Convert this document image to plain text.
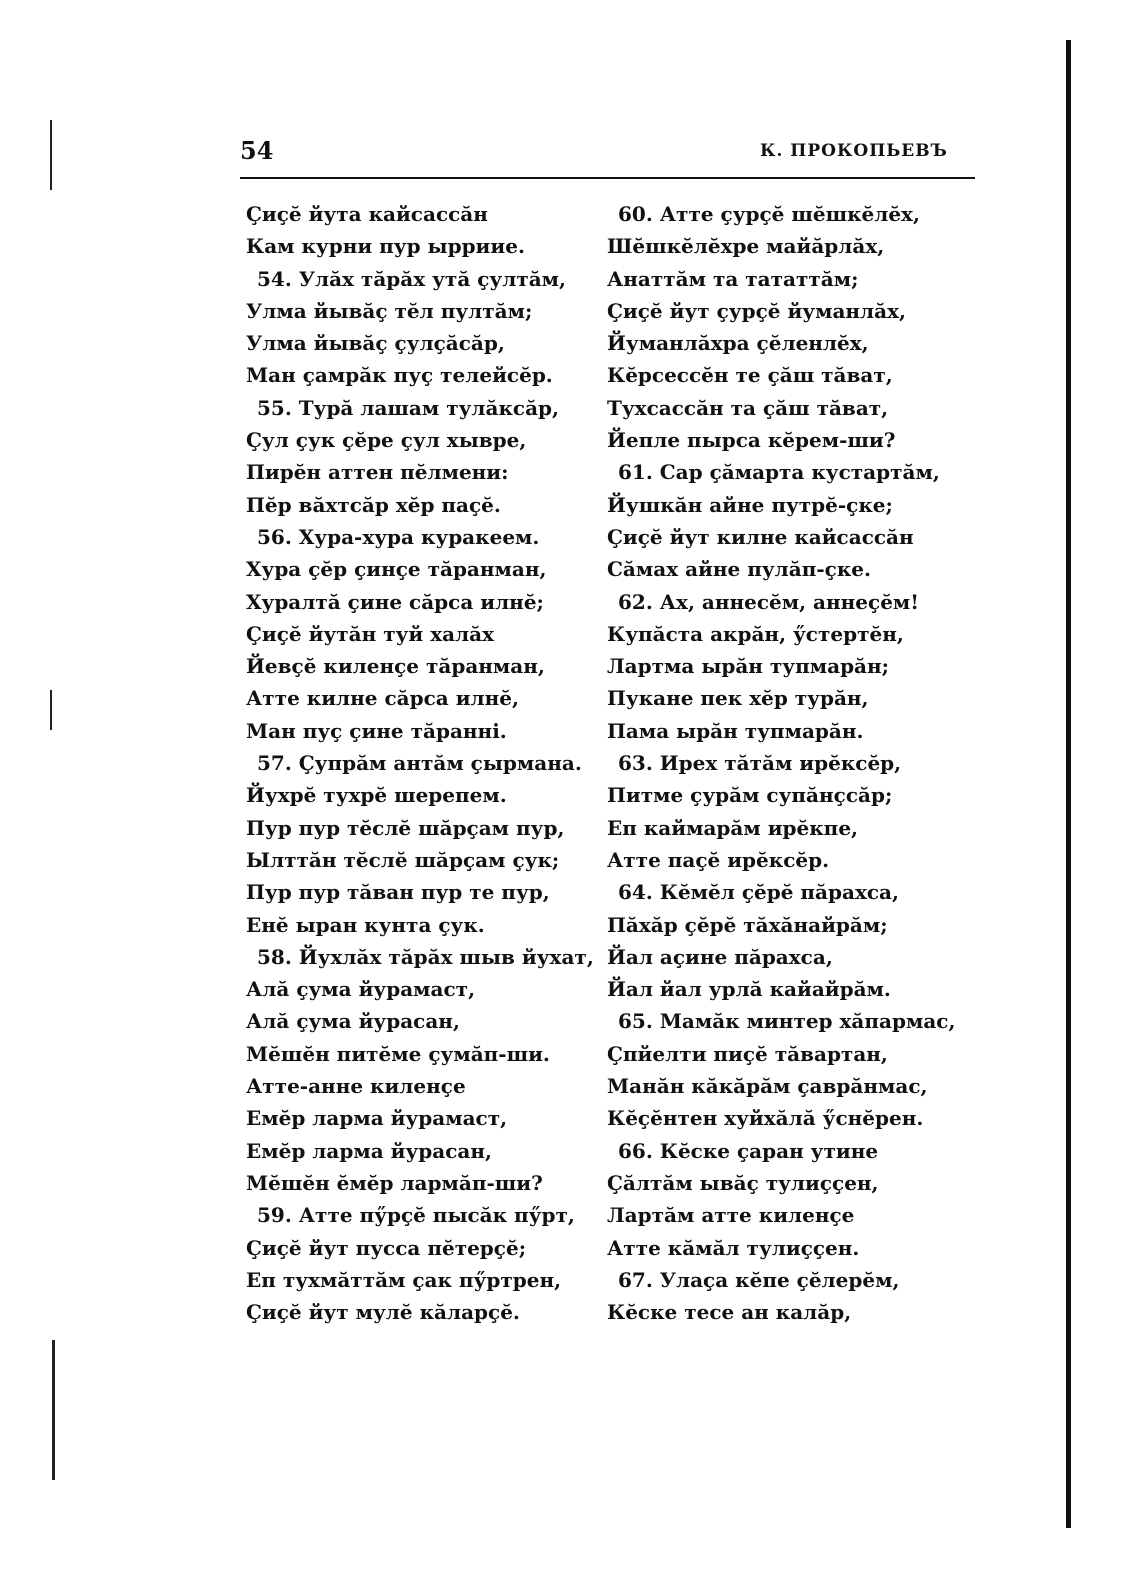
54	К. ПРОКОПЬЕВЪ
Çиҫĕ йута кайсассăн
Кам курни пур ырриие.
54. Улăх тăрăх утă çултăм,
Улма йывăç тĕл пултăм;
Улма йывăç çулçăсăр,
Ман çамрăк пуç телейсĕр.
55. Турă лашам тулăксăр,
Çул çук çĕре çул хывре,
Пирĕн аттен пĕлмени:
Пĕр вăхтсăр хĕр паҫĕ.
56. Хура-хура куракеем.
Хура çĕр çинҫе тăранман,
Хуралтă çине сăрса илнĕ;
Çиҫĕ йутăн туй халăх
Йевҫĕ киленҫе тăранман,
Атте килне сăрса илнĕ,
Ман пуç çине тăранні.
57. Ҫупрăм антăм çырмана.
Йухрĕ тухрĕ шерепем.
Пур пур тĕслĕ шăрçам пур,
Ылттăн тĕслĕ шăрçам çук;
Пур пур тăван пур те пур,
Енĕ ыран кунта çук.
58. Йухлăх тăрăх шыв йухат,
Алă çума йурамаст,
Алă çума йурасан,
Мĕшĕн питĕме çумăп-ши.
Атте-анне киленҫе
Емĕр ларма йурамаст,
Емĕр ларма йурасан,
Мĕшĕн ĕмĕр лармăп-ши?
59. Атте пӳрҫĕ пысăк пӳрт,
Çиҫĕ йут пусса пĕтерҫĕ;
Еп тухмăттăм çак пӳртрен,
Çиҫĕ йут мулĕ кăларҫĕ.
60. Атте çурҫĕ шĕшкĕлĕх,
Шĕшкĕлĕхре майăрлăх,
Анаттăм та тататтăм;
Çиҫĕ йут çурҫĕ йуманлăх,
Йуманлăхра çĕленлĕх,
Кĕрсессĕн те ҫăш тăват,
Тухсассăн та ҫăш тăват,
Йепле пырса кĕрем-ши?
61. Сар çăмарта кустартăм,
Йушкăн айне путрĕ-çке;
Çиҫĕ йут килне кайсассăн
Сăмах айне пулăп-çке.
62. Ах, аннесĕм, аннеçĕм!
Купăста акрăн, ӳстертĕн,
Лартма ырăн тупмарăн;
Пукане пек хĕр турăн,
Пама ырăн тупмарăн.
63. Ирех тăтăм ирĕксĕр,
Питме çурăм супăнҫсăр;
Еп каймарăм ирĕкпе,
Атте паҫĕ ирĕксĕр.
64. Кĕмĕл çĕрĕ пăрахса,
Пăхăр çĕрĕ тăхăнайрăм;
Йал аҫине пăрахса,
Йал йал урлă кайайрăм.
65. Мамăк минтер хăпармас,
Çпйелти пиҫĕ тăвартан,
Манăн кăкăрăм çаврăнмас,
Кĕçĕнтен хуйхăлă ӳснĕрен.
66. Кĕске çаран утине
Çăлтăм ывăç тулиҫҫен,
Лартăм атте киленҫе
Атте кăмăл тулиҫҫен.
67. Улаҫа кĕпе çĕлерĕм,
Кĕске тесе ан калăр,
